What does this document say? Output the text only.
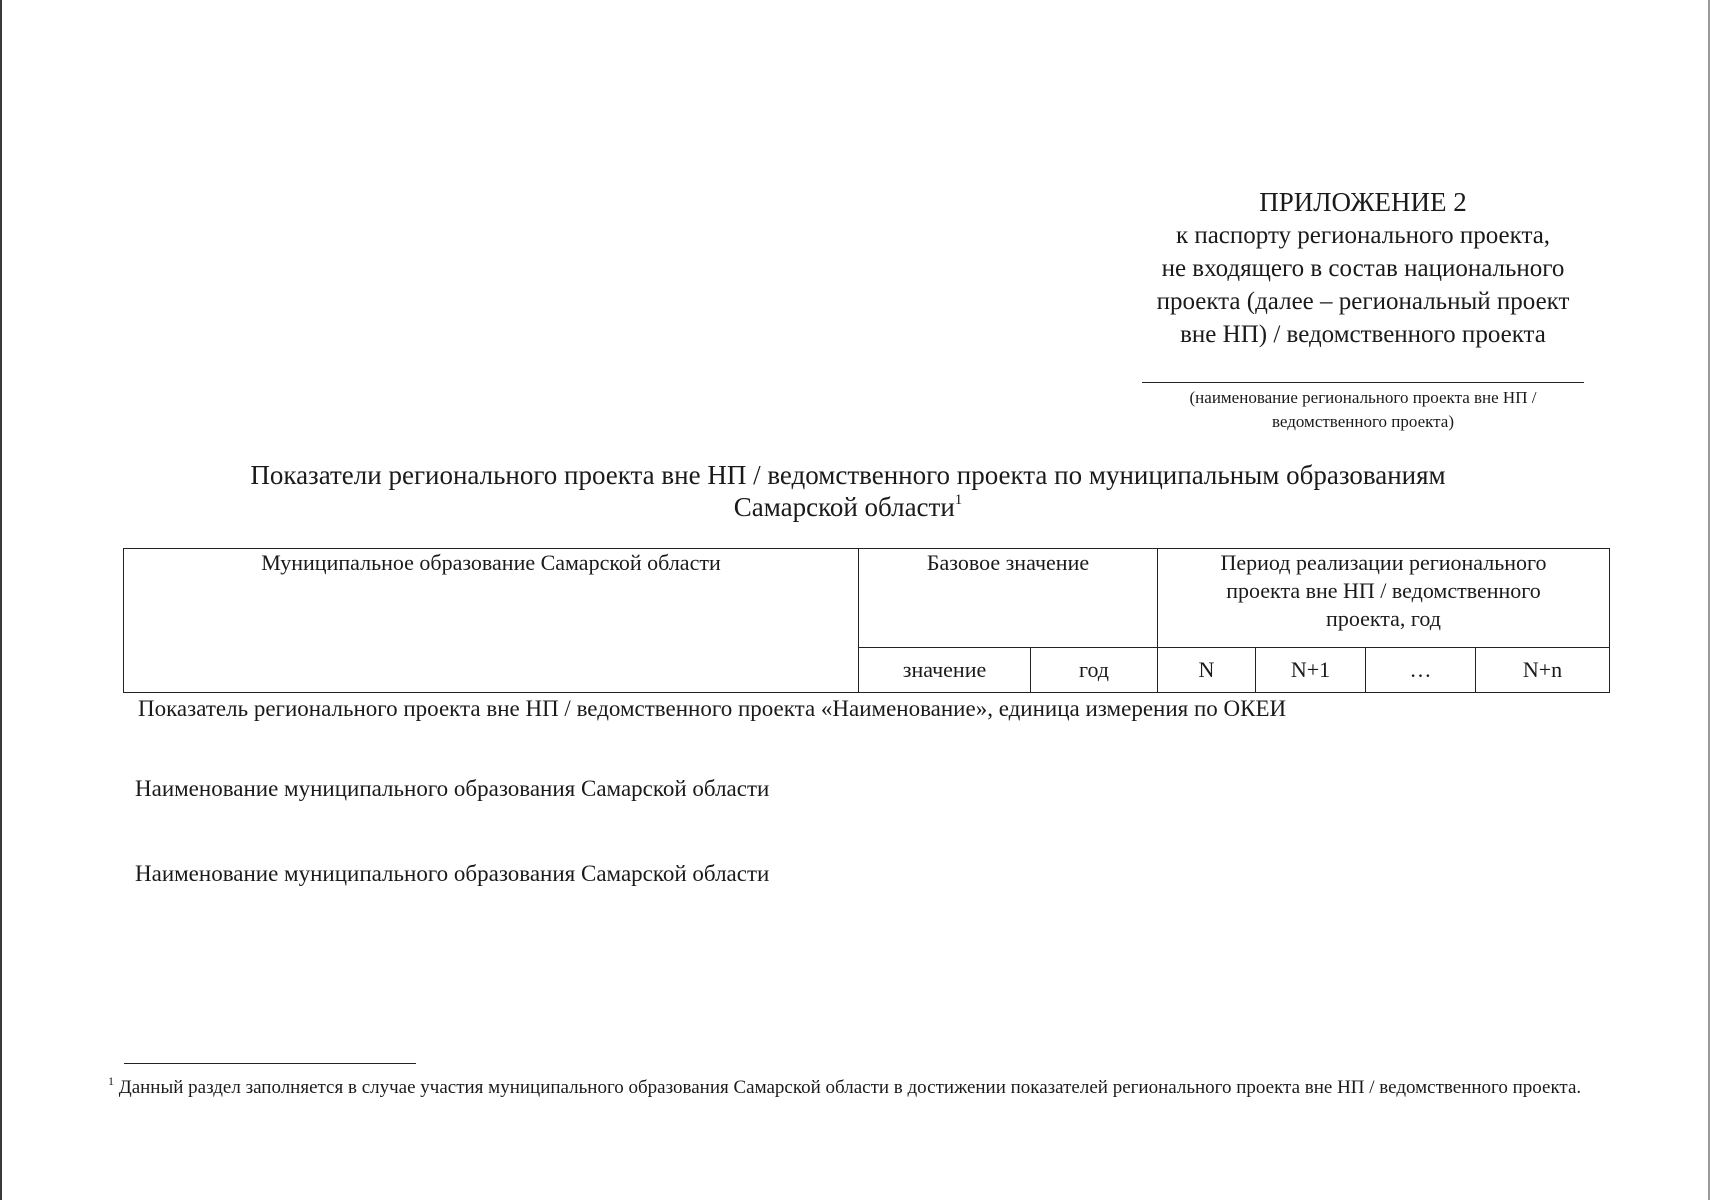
ПРИЛОЖЕНИЕ 2
к паспорту регионального проекта,
не входящего в состав национального
проекта (далее – региональный проект
вне НП) / ведомственного проекта
(наименование регионального проекта вне НП /
ведомственного проекта)
Показатели регионального проекта вне НП / ведомственного проекта по муниципальным образованиям
Самарской области$^1$
Муниципальное образование Самарской области	Базовое значение		Период реализации регионального
проекта вне НП / ведомственного
проекта, год			

	значение	год	N	N+1	…	N+n
Показатель регионального проекта вне НП / ведомственного проекта «Наименование», единица измерения по ОКЕИ
Наименование муниципального образования Самарской области
Наименование муниципального образования Самарской области
$^1$ Данный раздел заполняется в случае участия муниципального образования Самарской области в достижении показателей регионального проекта вне НП / ведомственного проекта.
